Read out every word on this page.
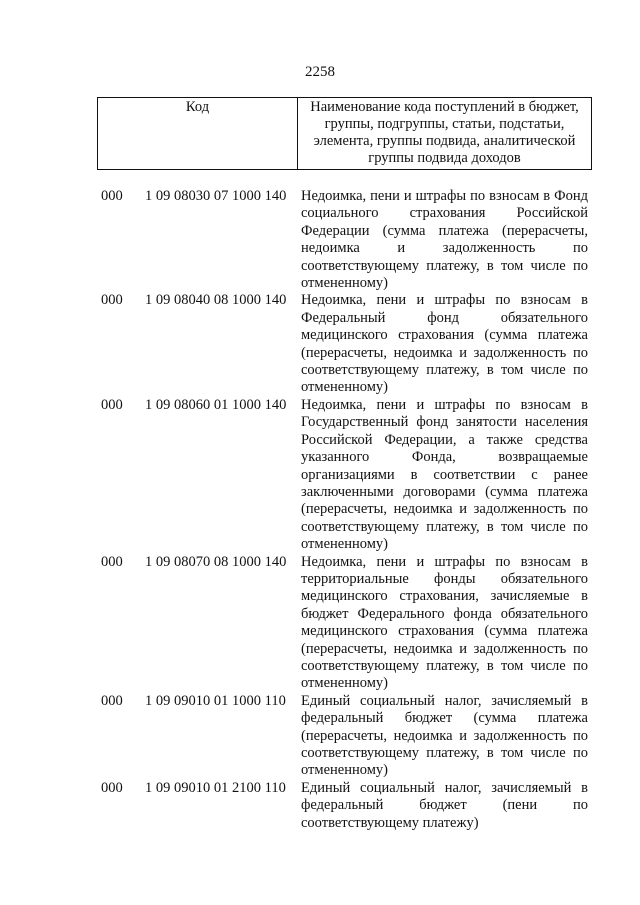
2258
Код	Наименование кода поступлений в бюджет, группы, подгруппы, статьи, подстатьи, элемента, группы подвида, аналитической группы подвида доходов
000 1 09 08030 07 1000 140 Недоимка, пени и штрафы по взносам в Фонд социального страхования Российской Федерации (сумма платежа (перерасчеты, недоимка и задолженность по соответствующему платежу, в том числе по отмененному)
000 1 09 08040 08 1000 140 Недоимка, пени и штрафы по взносам в Федеральный фонд обязательного медицинского страхования (сумма платежа (перерасчеты, недоимка и задолженность по соответствующему платежу, в том числе по отмененному)
000 1 09 08060 01 1000 140 Недоимка, пени и штрафы по взносам в Государственный фонд занятости населения Российской Федерации, а также средства указанного Фонда, возвращаемые организациями в соответствии с ранее заключенными договорами (сумма платежа (перерасчеты, недоимка и задолженность по соответствующему платежу, в том числе по отмененному)
000 1 09 08070 08 1000 140 Недоимка, пени и штрафы по взносам в территориальные фонды обязательного медицинского страхования, зачисляемые в бюджет Федерального фонда обязательного медицинского страхования (сумма платежа (перерасчеты, недоимка и задолженность по соответствующему платежу, в том числе по отмененному)
000 1 09 09010 01 1000 110 Единый социальный налог, зачисляемый в федеральный бюджет (сумма платежа (перерасчеты, недоимка и задолженность по соответствующему платежу, в том числе по отмененному)
000 1 09 09010 01 2100 110 Единый социальный налог, зачисляемый в федеральный бюджет (пени по соответствующему платежу)
